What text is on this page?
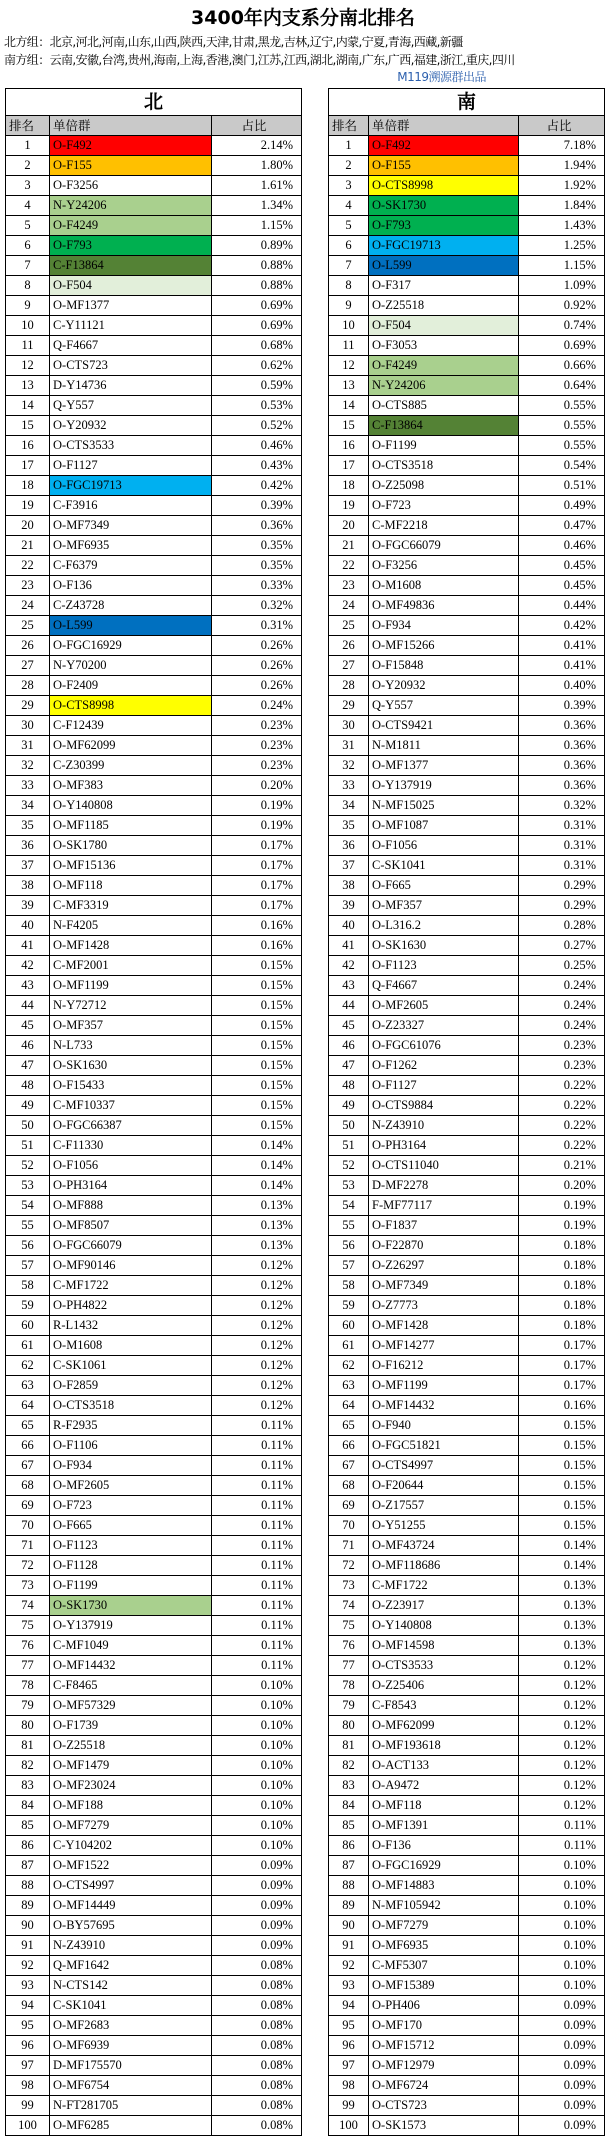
3400年内支系分南北排名
北方组：北京,河北,河南,山东,山西,陕西,天津,甘肃,黑龙,吉林,辽宁,内蒙,宁夏,青海,西藏,新疆
南方组：云南,安徽,台湾,贵州,海南,上海,香港,澳门,江苏,江西,湖北,湖南,广东,广西,福建,浙江,重庆,四川
M119溯源群出品
北		
排名	单倍群	占比
1	O-F492	2.14%
2	O-F155	1.80%
3	O-F3256	1.61%
4	N-Y24206	1.34%
5	O-F4249	1.15%
6	O-F793	0.89%
7	C-F13864	0.88%
8	O-F504	0.88%
9	O-MF1377	0.69%
10	C-Y11121	0.69%
11	Q-F4667	0.68%
12	O-CTS723	0.62%
13	D-Y14736	0.59%
14	Q-Y557	0.53%
15	O-Y20932	0.52%
16	O-CTS3533	0.46%
17	O-F1127	0.43%
18	O-FGC19713	0.42%
19	C-F3916	0.39%
20	O-MF7349	0.36%
21	O-MF6935	0.35%
22	C-F6379	0.35%
23	O-F136	0.33%
24	C-Z43728	0.32%
25	O-L599	0.31%
26	O-FGC16929	0.26%
27	N-Y70200	0.26%
28	O-F2409	0.26%
29	O-CTS8998	0.24%
30	C-F12439	0.23%
31	O-MF62099	0.23%
32	C-Z30399	0.23%
33	O-MF383	0.20%
34	O-Y140808	0.19%
35	O-MF1185	0.19%
36	O-SK1780	0.17%
37	O-MF15136	0.17%
38	O-MF118	0.17%
39	C-MF3319	0.17%
40	N-F4205	0.16%
41	O-MF1428	0.16%
42	C-MF2001	0.15%
43	O-MF1199	0.15%
44	N-Y72712	0.15%
45	O-MF357	0.15%
46	N-L733	0.15%
47	O-SK1630	0.15%
48	O-F15433	0.15%
49	C-MF10337	0.15%
50	O-FGC66387	0.15%
51	C-F11330	0.14%
52	O-F1056	0.14%
53	O-PH3164	0.14%
54	O-MF888	0.13%
55	O-MF8507	0.13%
56	O-FGC66079	0.13%
57	O-MF90146	0.12%
58	C-MF1722	0.12%
59	O-PH4822	0.12%
60	R-L1432	0.12%
61	O-M1608	0.12%
62	C-SK1061	0.12%
63	O-F2859	0.12%
64	O-CTS3518	0.12%
65	R-F2935	0.11%
66	O-F1106	0.11%
67	O-F934	0.11%
68	O-MF2605	0.11%
69	O-F723	0.11%
70	O-F665	0.11%
71	O-F1123	0.11%
72	O-F1128	0.11%
73	O-F1199	0.11%
74	O-SK1730	0.11%
75	O-Y137919	0.11%
76	C-MF1049	0.11%
77	O-MF14432	0.11%
78	C-F8465	0.10%
79	O-MF57329	0.10%
80	O-F1739	0.10%
81	O-Z25518	0.10%
82	O-MF1479	0.10%
83	O-MF23024	0.10%
84	O-MF188	0.10%
85	O-MF7279	0.10%
86	C-Y104202	0.10%
87	O-MF1522	0.09%
88	O-CTS4997	0.09%
89	O-MF14449	0.09%
90	O-BY57695	0.09%
91	N-Z43910	0.09%
92	Q-MF1642	0.08%
93	N-CTS142	0.08%
94	C-SK1041	0.08%
95	O-MF2683	0.08%
96	O-MF6939	0.08%
97	D-MF175570	0.08%
98	O-MF6754	0.08%
99	N-FT281705	0.08%
100	O-MF6285	0.08%
南		
排名	单倍群	占比
1	O-F492	7.18%
2	O-F155	1.94%
3	O-CTS8998	1.92%
4	O-SK1730	1.84%
5	O-F793	1.43%
6	O-FGC19713	1.25%
7	O-L599	1.15%
8	O-F317	1.09%
9	O-Z25518	0.92%
10	O-F504	0.74%
11	O-F3053	0.69%
12	O-F4249	0.66%
13	N-Y24206	0.64%
14	O-CTS885	0.55%
15	C-F13864	0.55%
16	O-F1199	0.55%
17	O-CTS3518	0.54%
18	O-Z25098	0.51%
19	O-F723	0.49%
20	C-MF2218	0.47%
21	O-FGC66079	0.46%
22	O-F3256	0.45%
23	O-M1608	0.45%
24	O-MF49836	0.44%
25	O-F934	0.42%
26	O-MF15266	0.41%
27	O-F15848	0.41%
28	O-Y20932	0.40%
29	Q-Y557	0.39%
30	O-CTS9421	0.36%
31	N-M1811	0.36%
32	O-MF1377	0.36%
33	O-Y137919	0.36%
34	N-MF15025	0.32%
35	O-MF1087	0.31%
36	O-F1056	0.31%
37	C-SK1041	0.31%
38	O-F665	0.29%
39	O-MF357	0.29%
40	O-L316.2	0.28%
41	O-SK1630	0.27%
42	O-F1123	0.25%
43	Q-F4667	0.24%
44	O-MF2605	0.24%
45	O-Z23327	0.24%
46	O-FGC61076	0.23%
47	O-F1262	0.23%
48	O-F1127	0.22%
49	O-CTS9884	0.22%
50	N-Z43910	0.22%
51	O-PH3164	0.22%
52	O-CTS11040	0.21%
53	D-MF2278	0.20%
54	F-MF77117	0.19%
55	O-F1837	0.19%
56	O-F22870	0.18%
57	O-Z26297	0.18%
58	O-MF7349	0.18%
59	O-Z7773	0.18%
60	O-MF1428	0.18%
61	O-MF14277	0.17%
62	O-F16212	0.17%
63	O-MF1199	0.17%
64	O-MF14432	0.16%
65	O-F940	0.15%
66	O-FGC51821	0.15%
67	O-CTS4997	0.15%
68	O-F20644	0.15%
69	O-Z17557	0.15%
70	O-Y51255	0.15%
71	O-MF43724	0.14%
72	O-MF118686	0.14%
73	C-MF1722	0.13%
74	O-Z23917	0.13%
75	O-Y140808	0.13%
76	O-MF14598	0.13%
77	O-CTS3533	0.12%
78	O-Z25406	0.12%
79	C-F8543	0.12%
80	O-MF62099	0.12%
81	O-MF193618	0.12%
82	O-ACT133	0.12%
83	O-A9472	0.12%
84	O-MF118	0.12%
85	O-MF1391	0.11%
86	O-F136	0.11%
87	O-FGC16929	0.10%
88	O-MF14883	0.10%
89	N-MF105942	0.10%
90	O-MF7279	0.10%
91	O-MF6935	0.10%
92	C-MF5307	0.10%
93	O-MF15389	0.10%
94	O-PH406	0.09%
95	O-MF170	0.09%
96	O-MF15712	0.09%
97	O-MF12979	0.09%
98	O-MF6724	0.09%
99	O-CTS723	0.09%
100	O-SK1573	0.09%
